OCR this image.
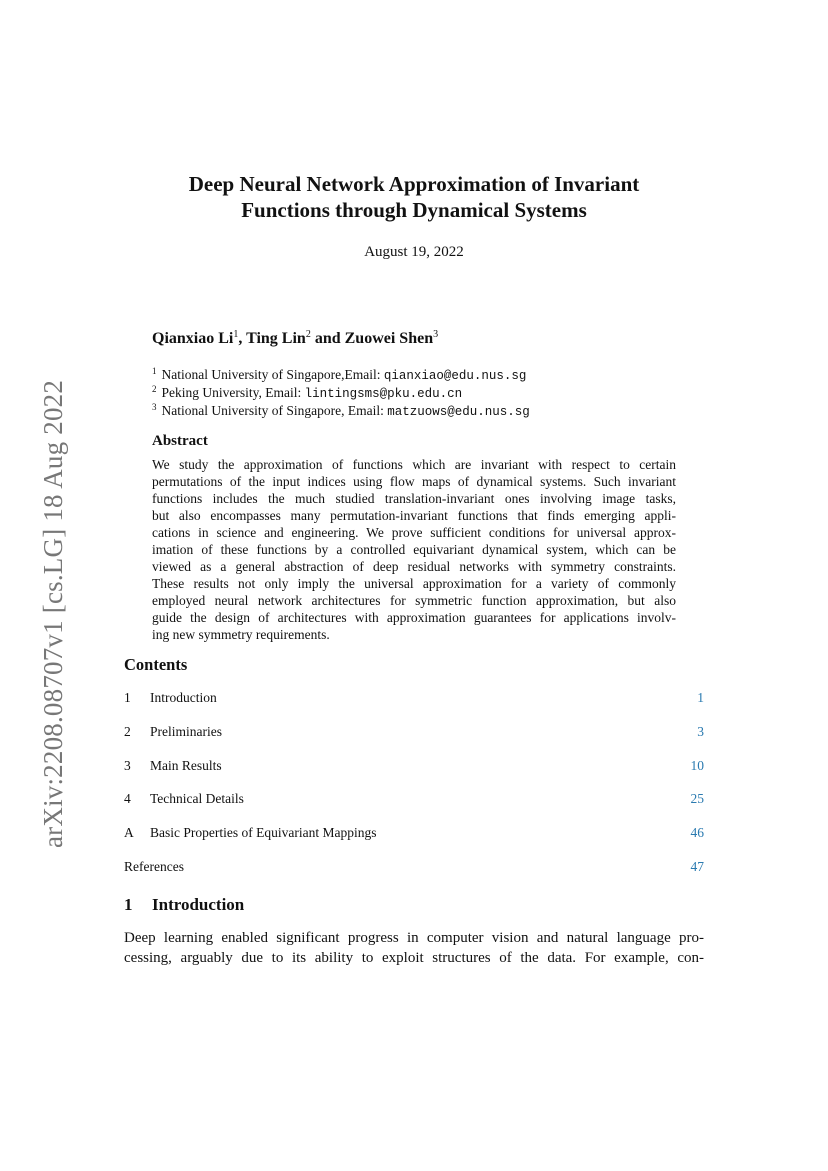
arXiv:2208.08707v1 [cs.LG] 18 Aug 2022
Deep Neural Network Approximation of Invariant
Functions through Dynamical Systems
August 19, 2022
Qianxiao Li$^1$, Ting Lin$^2$ and Zuowei Shen$^3$
$^1$ National University of Singapore,Email: qianxiao@edu.nus.sg
$^2$ Peking University, Email: lintingsms@pku.edu.cn
$^3$ National University of Singapore, Email: matzuows@edu.nus.sg
Abstract
We study the approximation of functions which are invariant with respect to certain
permutations of the input indices using flow maps of dynamical systems. Such invariant
functions includes the much studied translation-invariant ones involving image tasks,
but also encompasses many permutation-invariant functions that finds emerging appli-
cations in science and engineering. We prove sufficient conditions for universal approx-
imation of these functions by a controlled equivariant dynamical system, which can be
viewed as a general abstraction of deep residual networks with symmetry constraints.
These results not only imply the universal approximation for a variety of commonly
employed neural network architectures for symmetric function approximation, but also
guide the design of architectures with approximation guarantees for applications involv-
ing new symmetry requirements.
Contents
1 Introduction	1
2 Preliminaries	3
3 Main Results	10
4 Technical Details	25
A Basic Properties of Equivariant Mappings	46
References	47
1 Introduction
Deep learning enabled significant progress in computer vision and natural language pro-
cessing, arguably due to its ability to exploit structures of the data. For example, con-
